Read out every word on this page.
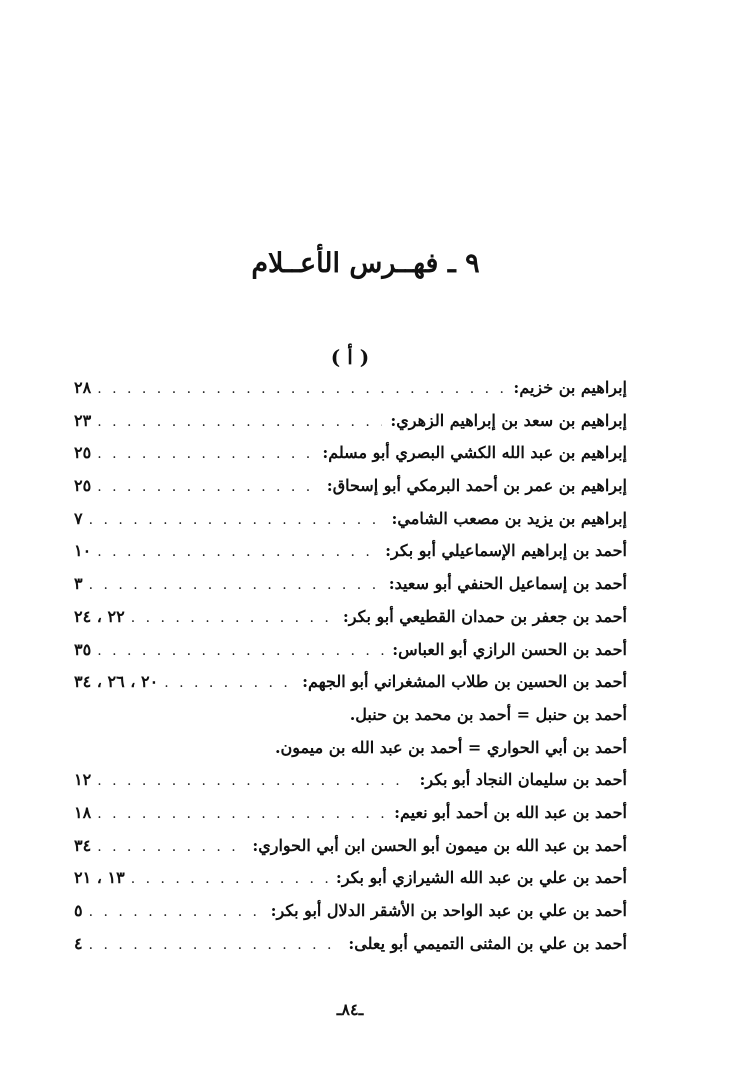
٩ ـ فهــرس الأعــلام
( أ )
إبراهيم بن خزيم:
. . .
٢٨
إبراهيم بن سعد بن إبراهيم الزهري:
. . .
٢٣
إبراهيم بن عبد الله الكشي البصري أبو مسلم:
. . .
٢٥
إبراهيم بن عمر بن أحمد البرمكي أبو إسحاق:
. . .
٢٥
إبراهيم بن يزيد بن مصعب الشامي:
. . .
٧
أحمد بن إبراهيم الإسماعيلي أبو بكر:
. . .
١٠
أحمد بن إسماعيل الحنفي أبو سعيد:
. . .
٣
أحمد بن جعفر بن حمدان القطيعي أبو بكر:
. . .
٢٢ ، ٢٤
أحمد بن الحسن الرازي أبو العباس:
. . .
٣٥
أحمد بن الحسين بن طلاب المشغراني أبو الجهم:
. . .
٢٠ ، ٢٦ ، ٣٤
أحمد بن حنبل = أحمد بن محمد بن حنبل.
أحمد بن أبي الحواري = أحمد بن عبد الله بن ميمون.
أحمد بن سليمان النجاد أبو بكر:
. . .
١٢
أحمد بن عبد الله بن أحمد أبو نعيم:
. . .
١٨
أحمد بن عبد الله بن ميمون أبو الحسن ابن أبي الحواري:
. . .
٣٤
أحمد بن علي بن عبد الله الشيرازي أبو بكر:
. . .
١٣ ، ٢١
أحمد بن علي بن عبد الواحد بن الأشقر الدلال أبو بكر:
. . .
٥
أحمد بن علي بن المثنى التميمي أبو يعلى:
. . .
٤
ـ٨٤ـ
